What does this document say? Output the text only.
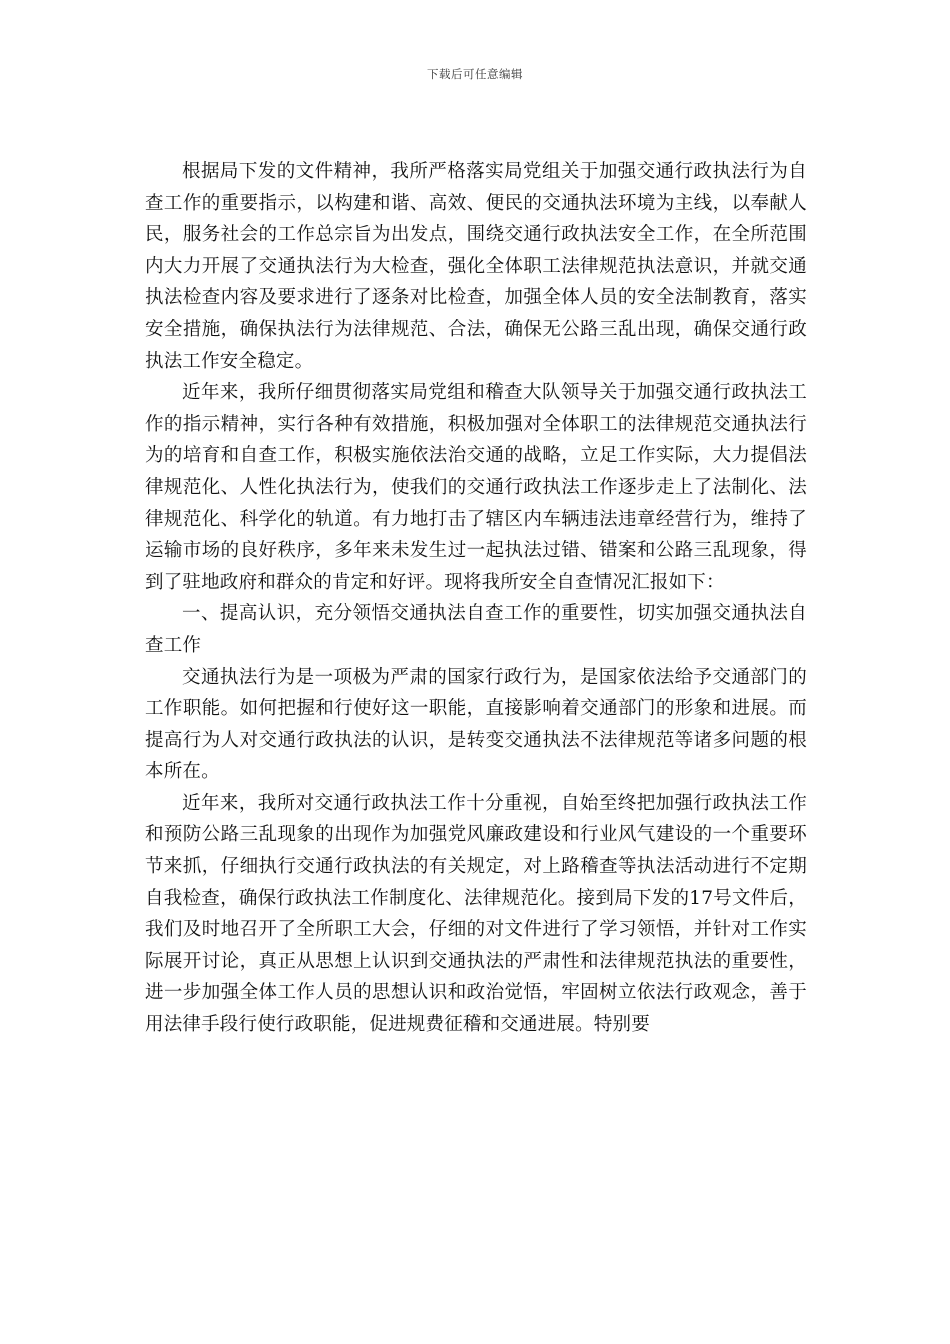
下载后可任意编辑

根据局下发的文件精神，我所严格落实局党组关于加强交通行政执法行为自查工作的重要指示，以构建和谐、高效、便民的交通执法环境为主线，以奉献人民，服务社会的工作总宗旨为出发点，围绕交通行政执法安全工作，在全所范围内大力开展了交通执法行为大检查，强化全体职工法律规范执法意识，并就交通执法检查内容及要求进行了逐条对比检查，加强全体人员的安全法制教育，落实安全措施，确保执法行为法律规范、合法，确保无公路三乱出现，确保交通行政执法工作安全稳定。

近年来，我所仔细贯彻落实局党组和稽查大队领导关于加强交通行政执法工作的指示精神，实行各种有效措施，积极加强对全体职工的法律规范交通执法行为的培育和自查工作，积极实施依法治交通的战略，立足工作实际，大力提倡法律规范化、人性化执法行为，使我们的交通行政执法工作逐步走上了法制化、法律规范化、科学化的轨道。有力地打击了辖区内车辆违法违章经营行为，维持了运输市场的良好秩序，多年来未发生过一起执法过错、错案和公路三乱现象，得到了驻地政府和群众的肯定和好评。现将我所安全自查情况汇报如下：

一、提高认识，充分领悟交通执法自查工作的重要性，切实加强交通执法自查工作

交通执法行为是一项极为严肃的国家行政行为，是国家依法给予交通部门的工作职能。如何把握和行使好这一职能，直接影响着交通部门的形象和进展。而提高行为人对交通行政执法的认识，是转变交通执法不法律规范等诸多问题的根本所在。

近年来，我所对交通行政执法工作十分重视，自始至终把加强行政执法工作和预防公路三乱现象的出现作为加强党风廉政建设和行业风气建设的一个重要环节来抓，仔细执行交通行政执法的有关规定，对上路稽查等执法活动进行不定期自我检查，确保行政执法工作制度化、法律规范化。接到局下发的17号文件后，我们及时地召开了全所职工大会，仔细的对文件进行了学习领悟，并针对工作实际展开讨论，真正从思想上认识到交通执法的严肃性和法律规范执法的重要性，进一步加强全体工作人员的思想认识和政治觉悟，牢固树立依法行政观念，善于用法律手段行使行政职能，促进规费征稽和交通进展。特别要
